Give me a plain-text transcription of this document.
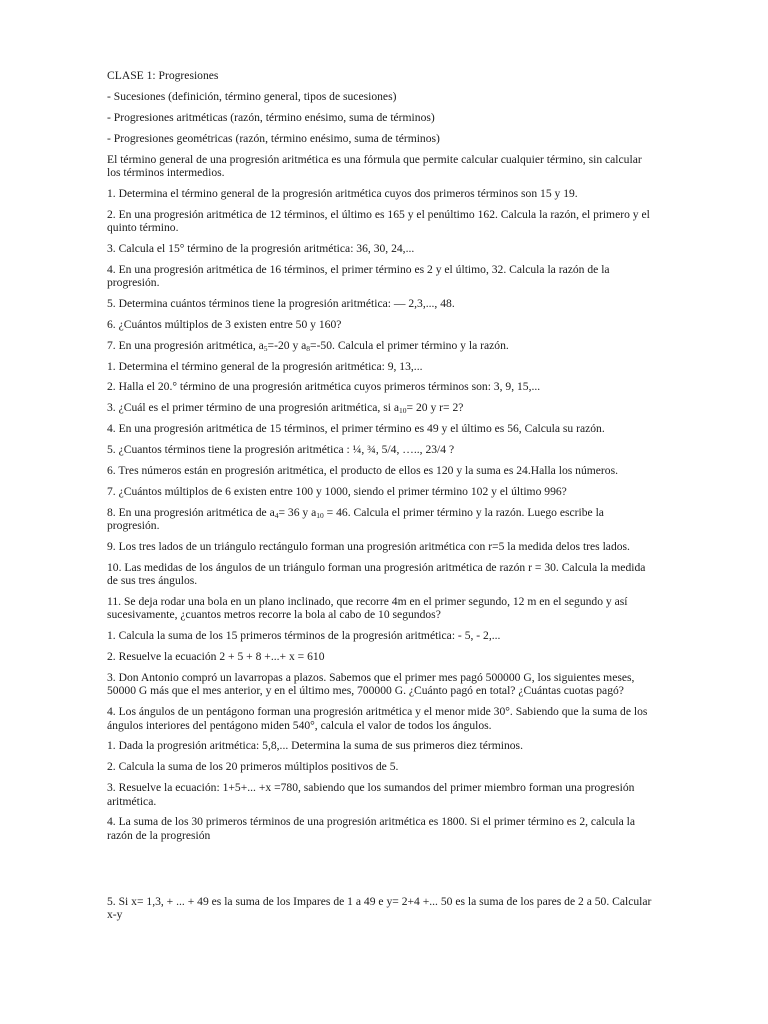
CLASE 1: Progresiones

- Sucesiones (definición, término general, tipos de sucesiones)

- Progresiones aritméticas (razón, término enésimo, suma de términos)

- Progresiones geométricas (razón, término enésimo, suma de términos)

El término general de una progresión aritmética es una fórmula que permite calcular cualquier término, sin calcular los términos intermedios.

1. Determina el término general de la progresión aritmética cuyos dos primeros términos son 15 y 19.

2. En una progresión aritmética de 12 términos, el último es 165 y el penúltimo 162. Calcula la razón, el primero y el quinto término.

3. Calcula el 15° término de la progresión aritmética: 36, 30, 24,...

4. En una progresión aritmética de 16 términos, el primer término es 2 y el último, 32. Calcula la razón de la progresión.

5. Determina cuántos términos tiene la progresión aritmética: — 2,3,..., 48.

6. ¿Cuántos múltiplos de 3 existen entre 50 y 160?

7. En una progresión aritmética, $a_5=-20$ y $a_8=-50$. Calcula el primer término y la razón.

1. Determina el término general de la progresión aritmética: 9, 13,...

2. Halla el 20.° término de una progresión aritmética cuyos primeros términos son: 3, 9, 15,...

3. ¿Cuál es el primer término de una progresión aritmética, si $a_{10}= 20$ y r= 2?

4. En una progresión aritmética de 15 términos, el primer término es 49 y el último es 56, Calcula su razón.

5. ¿Cuantos términos tiene la progresión aritmética : ¼, ¾, 5/4, ….., 23/4 ?

6. Tres números están en progresión aritmética, el producto de ellos es 120 y la suma es 24.Halla los números.

7. ¿Cuántos múltiplos de 6 existen entre 100 y 1000, siendo el primer término 102 y el último 996?

8. En una progresión aritmética de $a_4= 36$ y $a_{10} = 46$. Calcula el primer término y la razón. Luego escribe la progresión.

9. Los tres lados de un triángulo rectángulo forman una progresión aritmética con r=5 la medida delos tres lados.

10. Las medidas de los ángulos de un triángulo forman una progresión aritmética de razón r = 30. Calcula la medida de sus tres ángulos.

11. Se deja rodar una bola en un plano inclinado, que recorre 4m en el primer segundo, 12 m en el segundo y así sucesivamente, ¿cuantos metros recorre la bola al cabo de 10 segundos?

1. Calcula la suma de los 15 primeros términos de la progresión aritmética: - 5, - 2,...

2. Resuelve la ecuación 2 + 5 + 8 +...+ x = 610

3. Don Antonio compró un lavarropas a plazos. Sabemos que el primer mes pagó 500000 G, los siguientes meses, 50000 G más que el mes anterior, y en el último mes, 700000 G. ¿Cuánto pagó en total? ¿Cuántas cuotas pagó?

4. Los ángulos de un pentágono forman una progresión aritmética y el menor mide 30°. Sabiendo que la suma de los ángulos interiores del pentágono miden 540°, calcula el valor de todos los ángulos.

1. Dada la progresión aritmética: 5,8,... Determina la suma de sus primeros diez términos.

2. Calcula la suma de los 20 primeros múltiplos positivos de 5.

3. Resuelve la ecuación: 1+5+... +x =780, sabiendo que los sumandos del primer miembro forman una progresión aritmética.

4. La suma de los 30 primeros términos de una progresión aritmética es 1800. Si el primer término es 2, calcula la razón de la progresión

5. Si x= 1,3, + ... + 49 es la suma de los Impares de 1 a 49 e y= 2+4 +... 50 es la suma de los pares de 2 a 50. Calcular x-y
